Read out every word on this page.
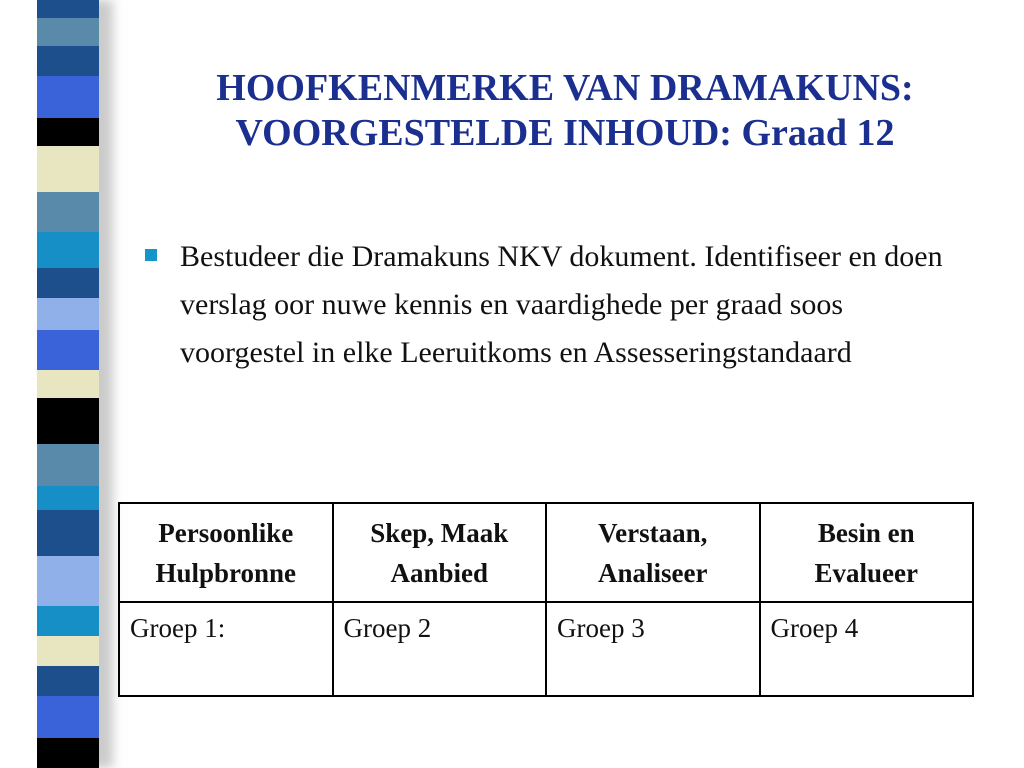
HOOFKENMERKE VAN DRAMAKUNS:
VOORGESTELDE INHOUD: Graad 12

Bestudeer die Dramakuns NKV dokument. Identifiseer en doen verslag oor nuwe kennis en vaardighede per graad soos voorgestel in elke Leeruitkoms en Assesseringstandaard

Persoonlike Hulpbronne	Skep, Maak Aanbied	Verstaan, Analiseer	Besin en Evalueer
Groep 1:	Groep 2	Groep 3	Groep 4
